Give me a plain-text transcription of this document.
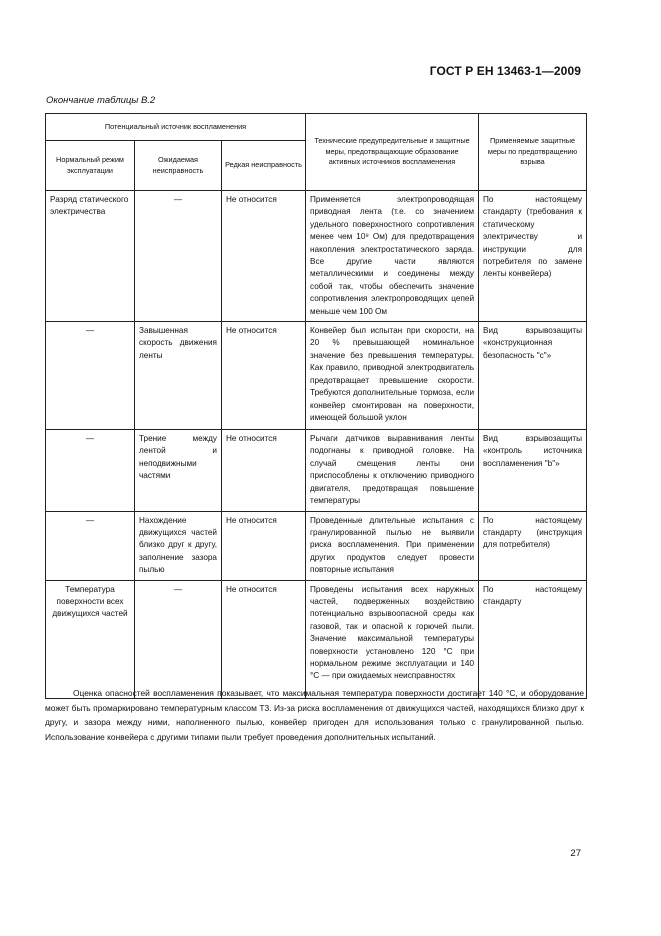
ГОСТ Р ЕН 13463-1—2009
Окончание таблицы В.2
Потенциальный источник воспламенения			Технические предупредительные и защитные меры, предотвращающие образование активных источников воспламенения	Применяемые защитные меры по предотвращению взрыва
Нормальный режим эксплуатации	Ожидаемая неисправность	Редкая неисправность		
Разряд статического электричества	—	Не относится	Применяется электропроводящая приводная лента (т.е. со значением удельного поверхностного сопротивления менее чем 10⁹ Ом) для предотвращения накопления электростатического заряда. Все другие части являются металлическими и соединены между собой так, чтобы обеспечить значение сопротивления электропроводящих цепей меньше чем 100 Ом	По настоящему стандарту (требования к статическому электричеству и инструкции для потребителя по замене ленты конвейера)
—	Завышенная скорость движения ленты	Не относится	Конвейер был испытан при скорости, на 20 % превышающей номинальное значение без превышения температуры. Как правило, приводной электродвигатель предотвращает превышение скорости. Требуются дополнительные тормоза, если конвейер смонтирован на поверхности, имеющей большой уклон	Вид взрывозащиты «конструкционная безопасность "с"»
—	Трение между лентой и неподвижными частями	Не относится	Рычаги датчиков выравнивания ленты подогнаны к приводной головке. На случай смещения ленты они приспособлены к отключению приводного двигателя, предотвращая повышение температуры	Вид взрывозащиты «контроль источника воспламенения "b"»
—	Нахождение движущихся частей близко друг к другу, заполнение зазора пылью	Не относится	Проведенные длительные испытания с гранулированной пылью не выявили риска воспламенения. При применении других продуктов следует провести повторные испытания	По настоящему стандарту (инструкция для потребителя)
Температура поверхности всех движущихся частей	—	Не относится	Проведены испытания всех наружных частей, подверженных воздействию потенциально взрывоопасной среды как газовой, так и опасной к горючей пыли. Значение максимальной температуры поверхности установлено 120 °С при нормальном режиме эксплуатации и 140 °С — при ожидаемых неисправностях	По настоящему стандарту

Оценка опасностей воспламенения показывает, что максимальная температура поверхности достигает 140 °С, и оборудование может быть промаркировано температурным классом Т3. Из-за риска воспламенения от движущихся частей, находящихся близко друг к другу, и зазора между ними, наполненного пылью, конвейер пригоден для использования только с гранулированной пылью. Использование конвейера с другими типами пыли требует проведения дополнительных испытаний.

27
